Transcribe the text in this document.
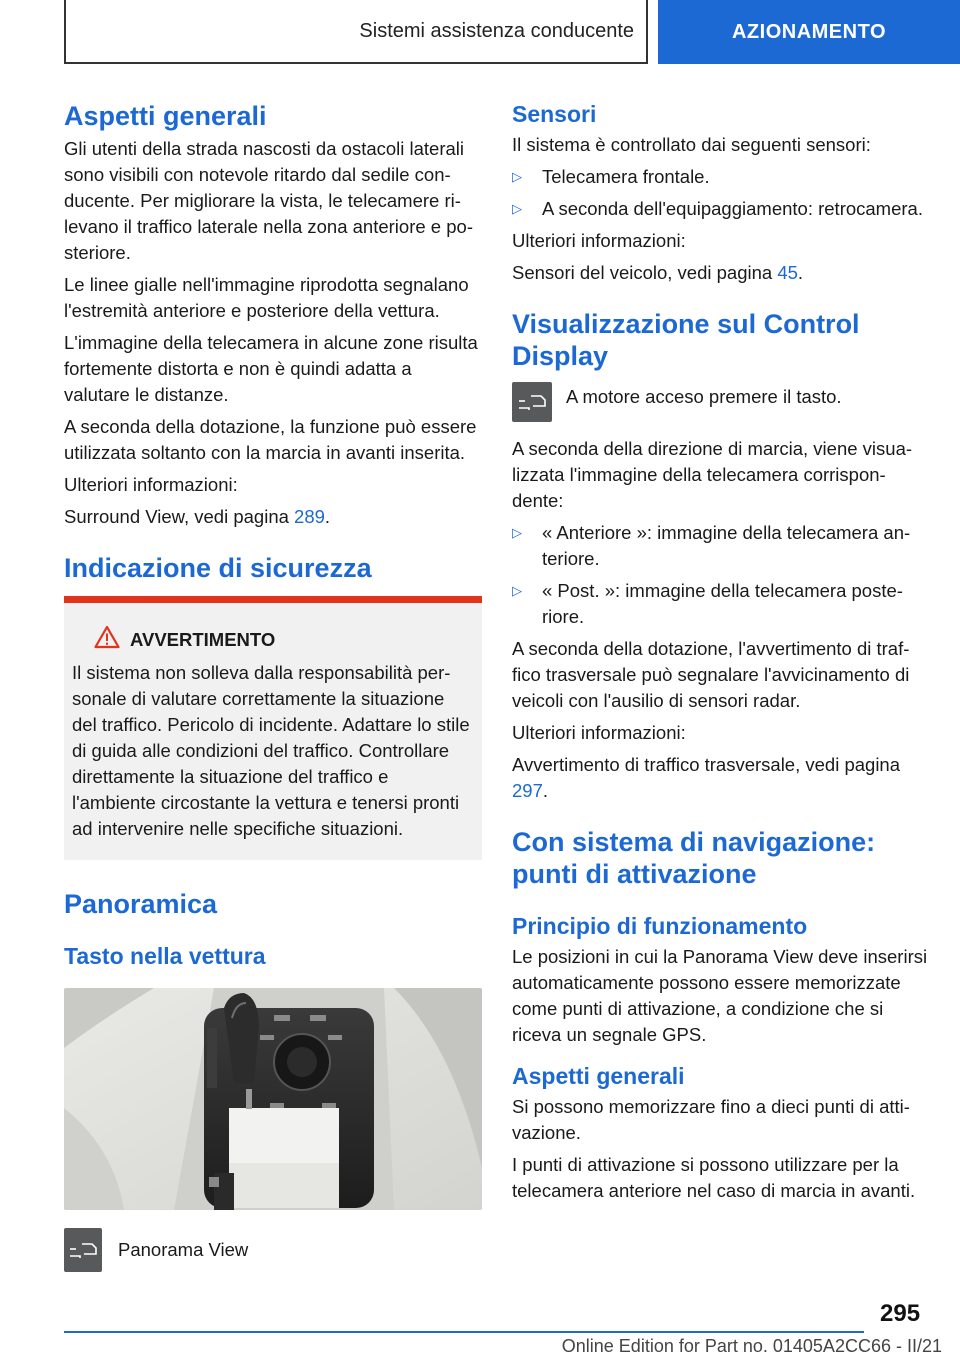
Sistemi assistenza conducente	AZIONAMENTO
Aspetti generali

Gli utenti della strada nascosti da ostacoli laterali sono visibili con notevole ritardo dal sedile conducente. Per migliorare la vista, le telecamere rilevano il traffico laterale nella zona anteriore e posteriore.

Le linee gialle nell'immagine riprodotta segnalano l'estremità anteriore e posteriore della vettura.

L'immagine della telecamera in alcune zone risulta fortemente distorta e non è quindi adatta a valutare le distanze.

A seconda della dotazione, la funzione può essere utilizzata soltanto con la marcia in avanti inserita.

Ulteriori informazioni:

Surround View, vedi pagina 289.

Indicazione di sicurezza
AVVERTIMENTO

Il sistema non solleva dalla responsabilità personale di valutare correttamente la situazione del traffico. Pericolo di incidente. Adattare lo stile di guida alle condizioni del traffico. Controllare direttamente la situazione del traffico e l'ambiente circostante la vettura e tenersi pronti ad intervenire nelle specifiche situazioni.

Panoramica
Tasto nella vettura
Panorama View
Sensori

Il sistema è controllato dai seguenti sensori:

▷	Telecamera frontale.
▷	A seconda dell'equipaggiamento: retrocamera.

Ulteriori informazioni:

Sensori del veicolo, vedi pagina 45.

Visualizzazione sul Control Display

A motore acceso premere il tasto.

A seconda della direzione di marcia, viene visualizzata l'immagine della telecamera corrispondente:

▷	« Anteriore »: immagine della telecamera anteriore.
▷	« Post. »: immagine della telecamera posteriore.

A seconda della dotazione, l'avvertimento di traffico trasversale può segnalare l'avvicinamento di veicoli con l'ausilio di sensori radar.

Ulteriori informazioni:

Avvertimento di traffico trasversale, vedi pagina 297.

Con sistema di navigazione: punti di attivazione
Principio di funzionamento

Le posizioni in cui la Panorama View deve inserirsi automaticamente possono essere memorizzate come punti di attivazione, a condizione che si riceva un segnale GPS.

Aspetti generali

Si possono memorizzare fino a dieci punti di attivazione.

I punti di attivazione si possono utilizzare per la telecamera anteriore nel caso di marcia in avanti.

295
Online Edition for Part no. 01405A2CC66 - II/21
